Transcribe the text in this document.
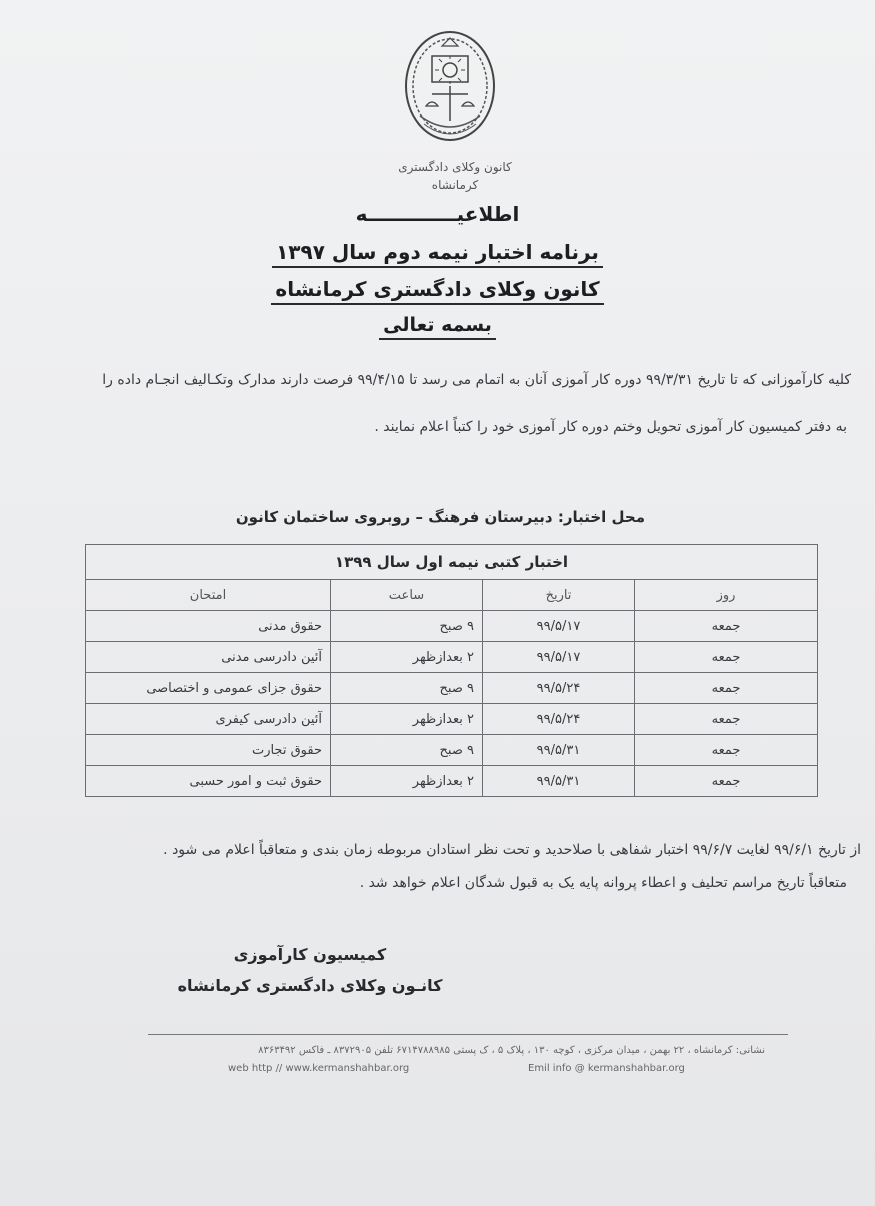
کانون وکلای دادگستری
کرمانشاه
اطلاعیـــــــــــــه
برنامه اختبار نیمه دوم سال ۱۳۹۷
کانون وکلای دادگستری کرمانشاه
بسمه تعالی
کلیه کارآموزانی که تا تاریخ ۹۹/۳/۳۱ دوره کار آموزی آنان به اتمام می رسد تا ۹۹/۴/۱۵ فرصت دارند مدارک وتکـالیف انجـام داده را
به دفتر کمیسیون کار آموزی تحویل وختم دوره کار آموزی خود را کتباً اعلام نمایند .
محل اختبار: دبیرستان فرهنگ – روبروی ساختمان کانون
اختبار کتبی نیمه اول سال ۱۳۹۹			
روز	تاریخ	ساعت	امتحان
جمعه	۹۹/۵/۱۷	۹ صبح	حقوق مدنی
جمعه	۹۹/۵/۱۷	۲ بعدازظهر	آئین دادرسی مدنی
جمعه	۹۹/۵/۲۴	۹ صبح	حقوق جزای عمومی و اختصاصی
جمعه	۹۹/۵/۲۴	۲ بعدازظهر	آئین دادرسی کیفری
جمعه	۹۹/۵/۳۱	۹ صبح	حقوق تجارت
جمعه	۹۹/۵/۳۱	۲ بعدازظهر	حقوق ثبت و امور حسبی
از تاریخ ۹۹/۶/۱ لغایت ۹۹/۶/۷ اختبار شفاهی با صلاحدید و تحت نظر استادان مربوطه زمان بندی و متعاقباً اعلام می شود .
متعاقباً تاریخ مراسم تحلیف و اعطاء پروانه پایه یک به قبول شدگان اعلام خواهد شد .
کمیسیون کارآموزی
کانـون وکلای دادگستری کرمانشاه
نشانی: کرمانشاه ، ۲۲ بهمن ، میدان مرکزی ، کوچه ۱۳۰ ، پلاک ۵ ، ک پستی ۶۷۱۴۷۸۸۹۸۵ تلفن ۸۳۷۲۹۰۵ ـ فاکس ۸۳۶۳۴۹۲
web http // www.kermanshahbar.org	Emil info @ kermanshahbar.org
